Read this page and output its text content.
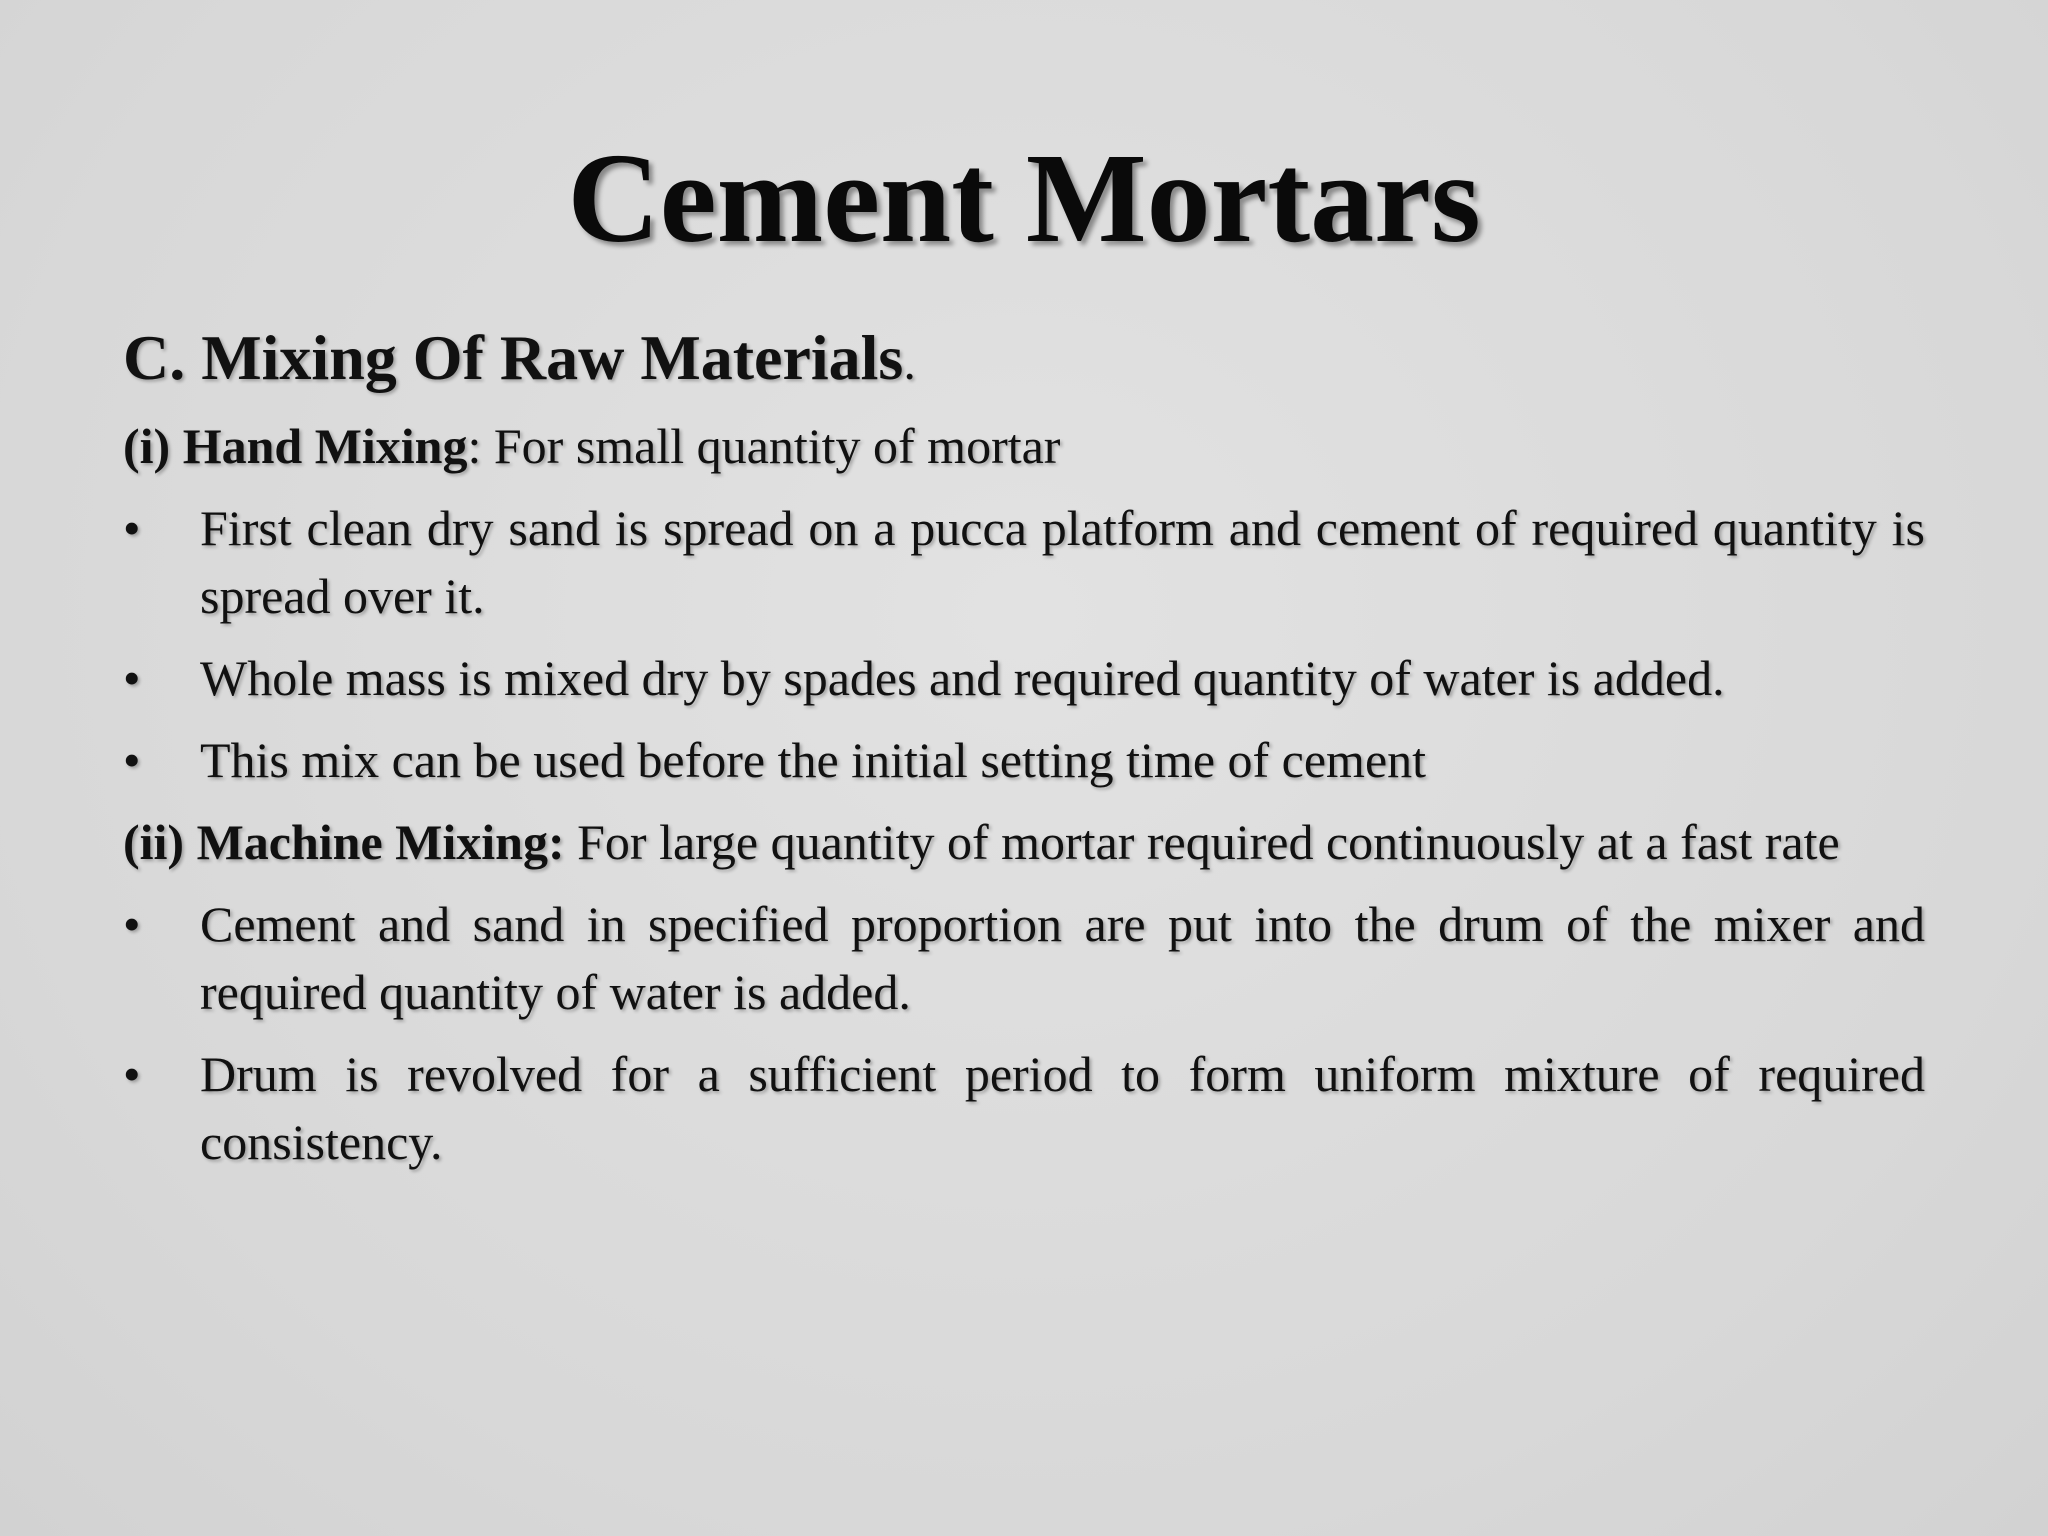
Cement Mortars
C. Mixing Of Raw Materials.
(i) Hand Mixing: For small quantity of mortar
•	First clean dry sand is spread on a pucca platform and cement of required quantity is spread over it.
•	Whole mass is mixed dry by spades and required quantity of water is added.
•	This mix can be used before the initial setting time of cement
(ii) Machine Mixing: For large quantity of mortar required continuously at a fast rate
•	Cement and sand in specified proportion are put into the drum of the mixer and required quantity of water is added.
•	Drum is revolved for a sufficient period to form uniform mixture of required consistency.
